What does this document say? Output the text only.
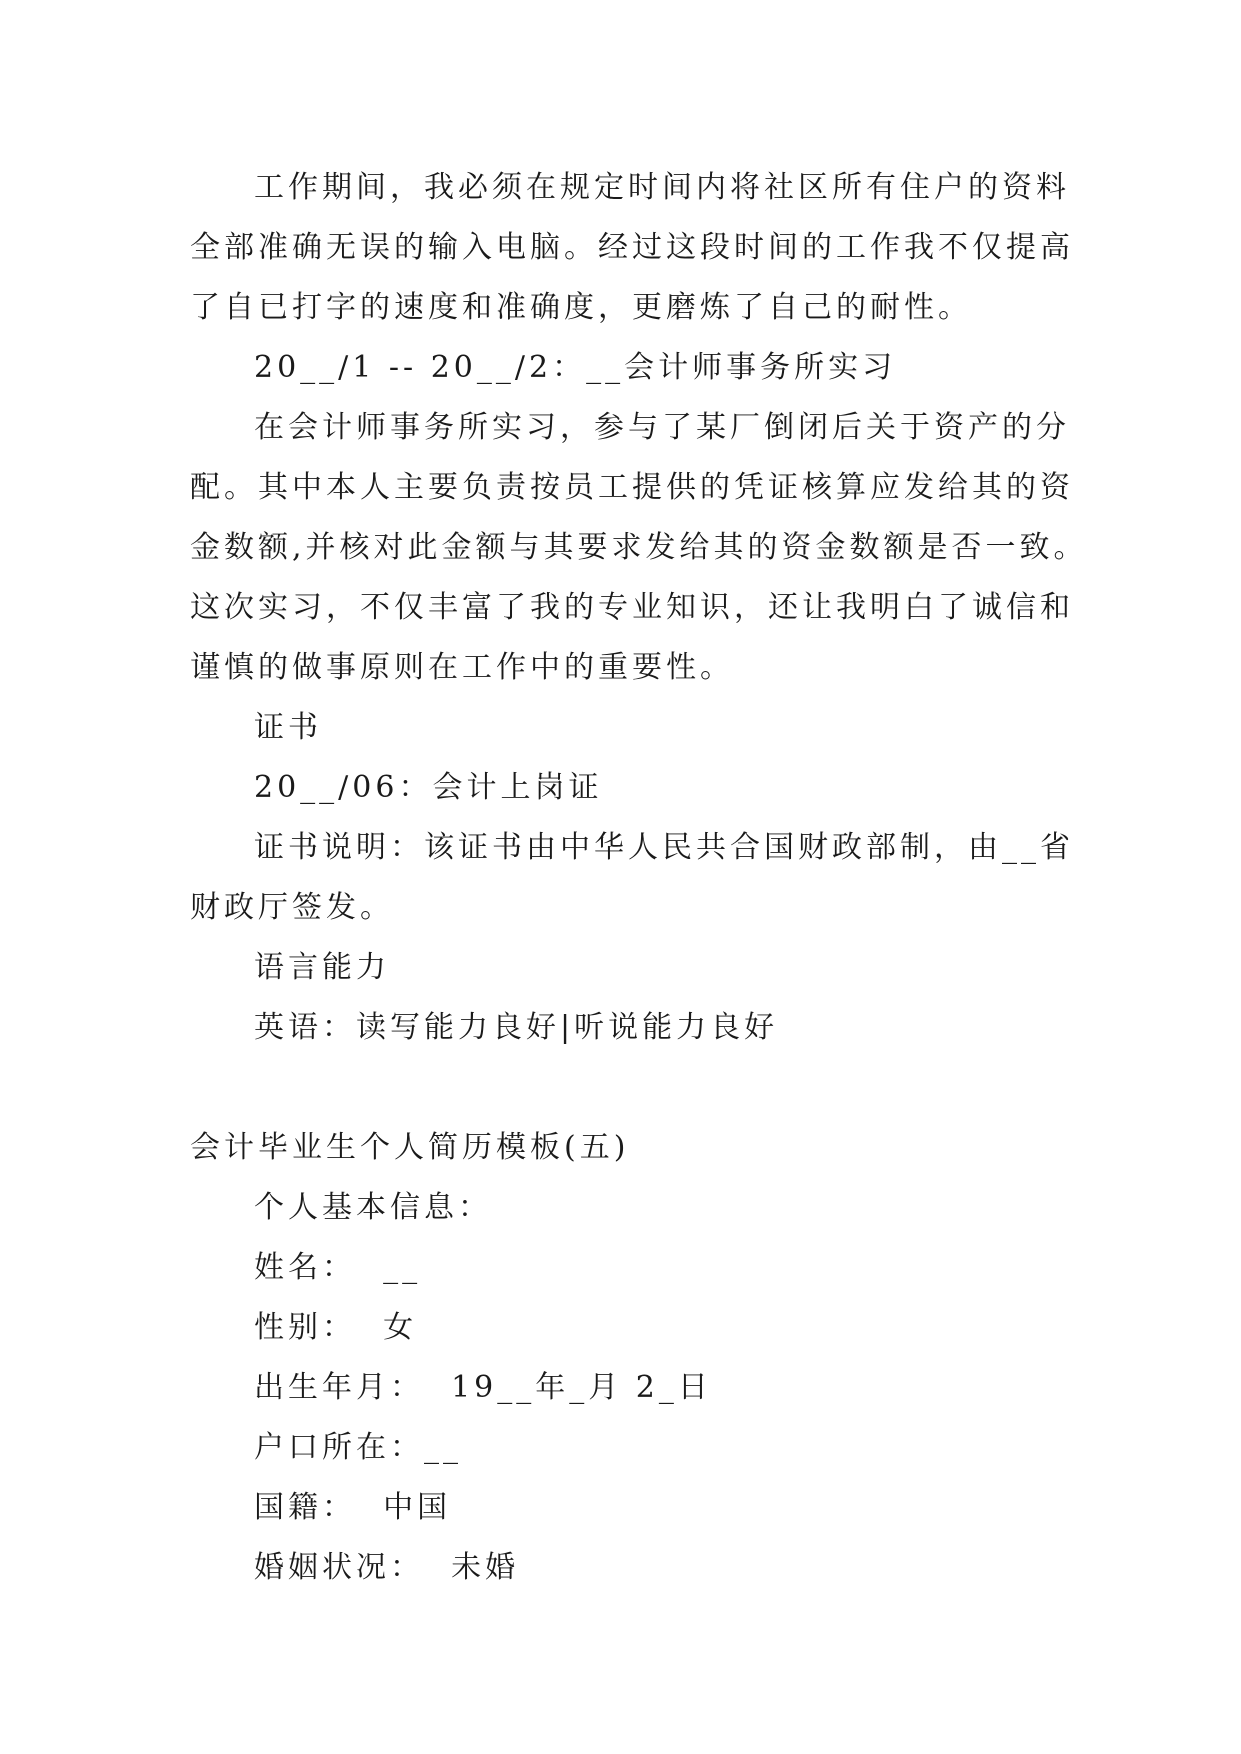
工作期间，我必须在规定时间内将社区所有住户的资料
全部准确无误的输入电脑。经过这段时间的工作我不仅提高
了自已打字的速度和准确度，更磨炼了自己的耐性。
20__/1 -- 20__/2：__会计师事务所实习
在会计师事务所实习，参与了某厂倒闭后关于资产的分
配。其中本人主要负责按员工提供的凭证核算应发给其的资
金数额,并核对此金额与其要求发给其的资金数额是否一致。
这次实习，不仅丰富了我的专业知识，还让我明白了诚信和
谨慎的做事原则在工作中的重要性。
证书
20__/06：会计上岗证
证书说明：该证书由中华人民共合国财政部制，由__省
财政厅签发。
语言能力
英语：读写能力良好|听说能力良好
会计毕业生个人简历模板(五)
个人基本信息：
姓名： __
性别： 女
出生年月： 19__年_月 2_日
户口所在：__
国籍： 中国
婚姻状况： 未婚
